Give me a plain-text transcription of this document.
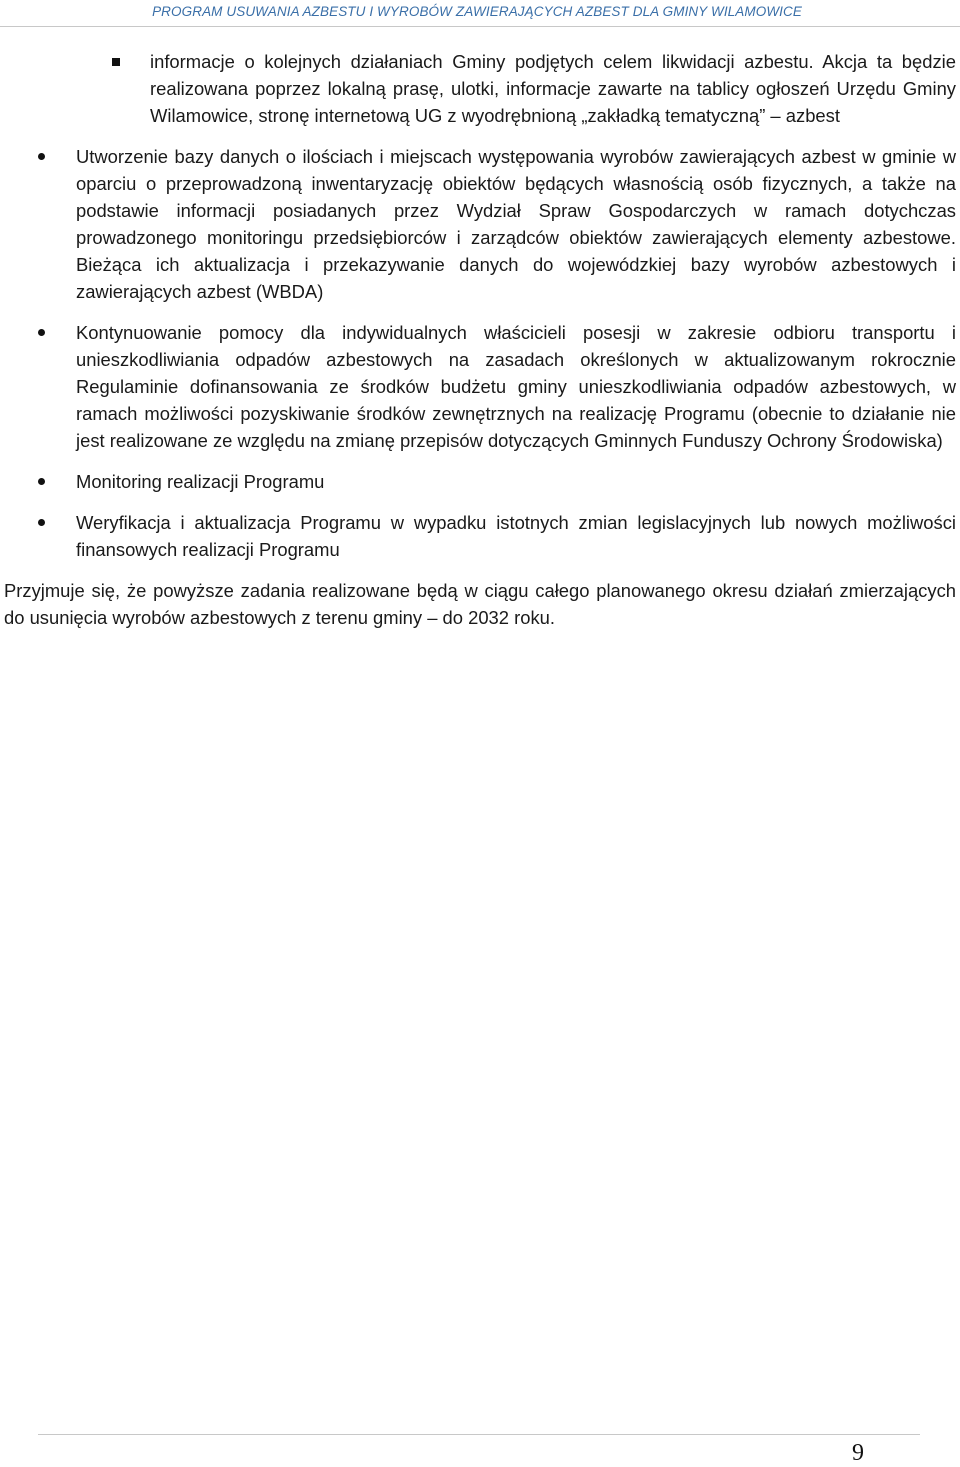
PROGRAM USUWANIA AZBESTU I WYROBÓW ZAWIERAJĄCYCH AZBEST DLA GMINY WILAMOWICE
informacje o kolejnych działaniach Gminy podjętych celem likwidacji azbestu. Akcja ta będzie realizowana poprzez lokalną prasę, ulotki, informacje zawarte na tablicy ogłoszeń Urzędu Gminy Wilamowice, stronę internetową UG z wyodrębnioną „zakładką tematyczną” – azbest
Utworzenie bazy danych o ilościach i miejscach występowania wyrobów zawierających azbest w gminie w oparciu o przeprowadzoną inwentaryzację obiektów będących własnością osób fizycznych, a także na podstawie informacji posiadanych przez Wydział Spraw Gospodarczych w ramach dotychczas prowadzonego monitoringu przedsiębiorców i zarządców obiektów zawierających elementy azbestowe. Bieżąca ich aktualizacja i przekazywanie danych do wojewódzkiej bazy wyrobów azbestowych i zawierających azbest (WBDA)
Kontynuowanie pomocy dla indywidualnych właścicieli posesji w zakresie odbioru transportu i unieszkodliwiania odpadów azbestowych na zasadach określonych w aktualizowanym rokrocznie Regulaminie dofinansowania ze środków budżetu gminy unieszkodliwiania odpadów azbestowych, w ramach możliwości pozyskiwanie środków zewnętrznych na realizację Programu (obecnie to działanie nie jest realizowane ze względu na zmianę przepisów dotyczących Gminnych Funduszy Ochrony Środowiska)
Monitoring realizacji Programu
Weryfikacja i aktualizacja Programu w wypadku istotnych zmian legislacyjnych lub nowych możliwości finansowych realizacji Programu

Przyjmuje się, że powyższe zadania realizowane będą w ciągu całego planowanego okresu działań zmierzających do usunięcia wyrobów azbestowych z terenu gminy – do 2032 roku.

9
